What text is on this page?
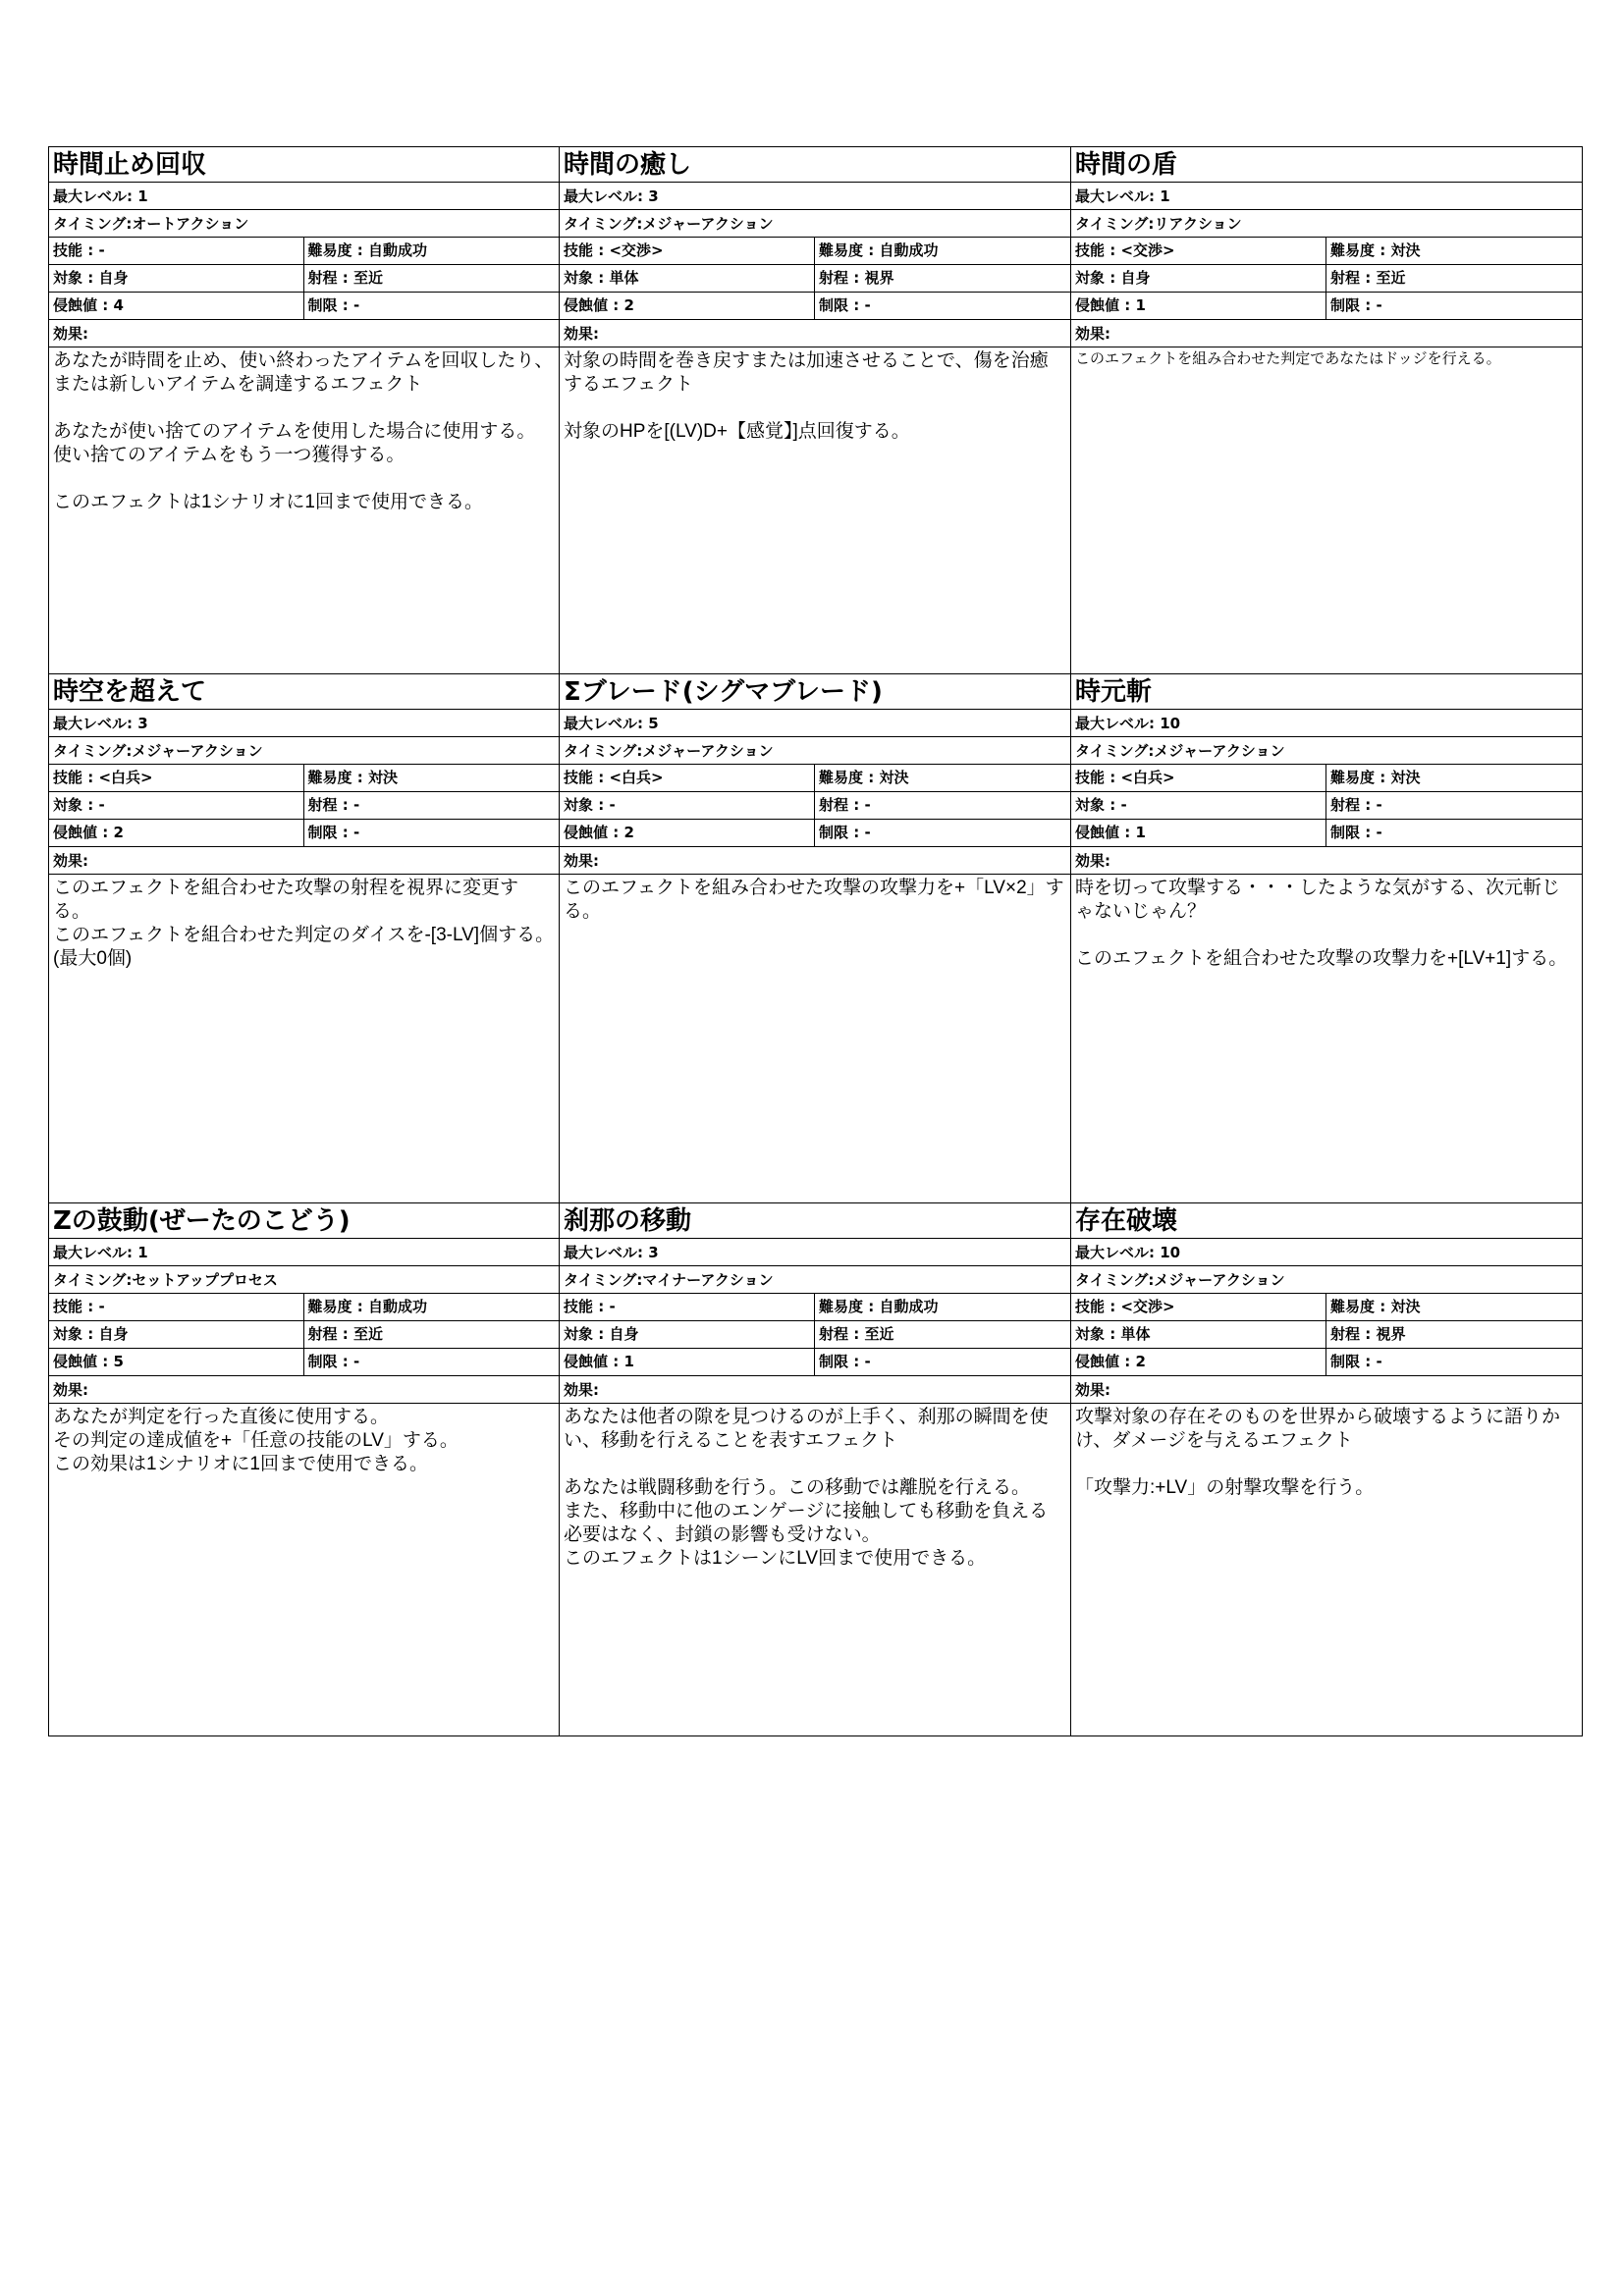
時間止め回収
最大レベル: 1
タイミング:オートアクション
技能 : -	難易度 : 自動成功
対象 : 自身	射程 : 至近
侵蝕値 : 4	制限 : -
効果:
あなたが時間を止め、使い終わったアイテムを回収したり、または新しいアイテムを調達するエフェクト

あなたが使い捨てのアイテムを使用した場合に使用する。
使い捨てのアイテムをもう一つ獲得する。

このエフェクトは1シナリオに1回まで使用できる。
時間の癒し
最大レベル: 3
タイミング:メジャーアクション
技能 : <交渉>	難易度 : 自動成功
対象 : 単体	射程 : 視界
侵蝕値 : 2	制限 : -
効果:
対象の時間を巻き戻すまたは加速させることで、傷を治癒するエフェクト

対象のHPを[(LV)D+【感覚】]点回復する。
時間の盾
最大レベル: 1
タイミング:リアクション
技能 : <交渉>	難易度 : 対決
対象 : 自身	射程 : 至近
侵蝕値 : 1	制限 : -
効果:
このエフェクトを組み合わせた判定であなたはドッジを行える。
時空を超えて
最大レベル: 3
タイミング:メジャーアクション
技能 : <白兵>	難易度 : 対決
対象 : -	射程 : -
侵蝕値 : 2	制限 : -
効果:
このエフェクトを組合わせた攻撃の射程を視界に変更する。
このエフェクトを組合わせた判定のダイスを-[3-LV]個する。(最大0個)
Σブレード(シグマブレード)
最大レベル: 5
タイミング:メジャーアクション
技能 : <白兵>	難易度 : 対決
対象 : -	射程 : -
侵蝕値 : 2	制限 : -
効果:
このエフェクトを組み合わせた攻撃の攻撃力を+「LV×2」する。
時元斬
最大レベル: 10
タイミング:メジャーアクション
技能 : <白兵>	難易度 : 対決
対象 : -	射程 : -
侵蝕値 : 1	制限 : -
効果:
時を切って攻撃する・・・したような気がする、次元斬じゃないじゃん？

このエフェクトを組合わせた攻撃の攻撃力を+[LV+1]する。
Zの鼓動(ぜーたのこどう)
最大レベル: 1
タイミング:セットアッププロセス
技能 : -	難易度 : 自動成功
対象 : 自身	射程 : 至近
侵蝕値 : 5	制限 : -
効果:
あなたが判定を行った直後に使用する。
その判定の達成値を+「任意の技能のLV」する。
この効果は1シナリオに1回まで使用できる。
刹那の移動
最大レベル: 3
タイミング:マイナーアクション
技能 : -	難易度 : 自動成功
対象 : 自身	射程 : 至近
侵蝕値 : 1	制限 : -
効果:
あなたは他者の隙を見つけるのが上手く、刹那の瞬間を使い、移動を行えることを表すエフェクト

あなたは戦闘移動を行う。この移動では離脱を行える。
また、移動中に他のエンゲージに接触しても移動を負える必要はなく、封鎖の影響も受けない。
このエフェクトは1シーンにLV回まで使用できる。
存在破壊
最大レベル: 10
タイミング:メジャーアクション
技能 : <交渉>	難易度 : 対決
対象 : 単体	射程 : 視界
侵蝕値 : 2	制限 : -
効果:
攻撃対象の存在そのものを世界から破壊するように語りかけ、ダメージを与えるエフェクト

「攻撃力:+LV」の射撃攻撃を行う。
